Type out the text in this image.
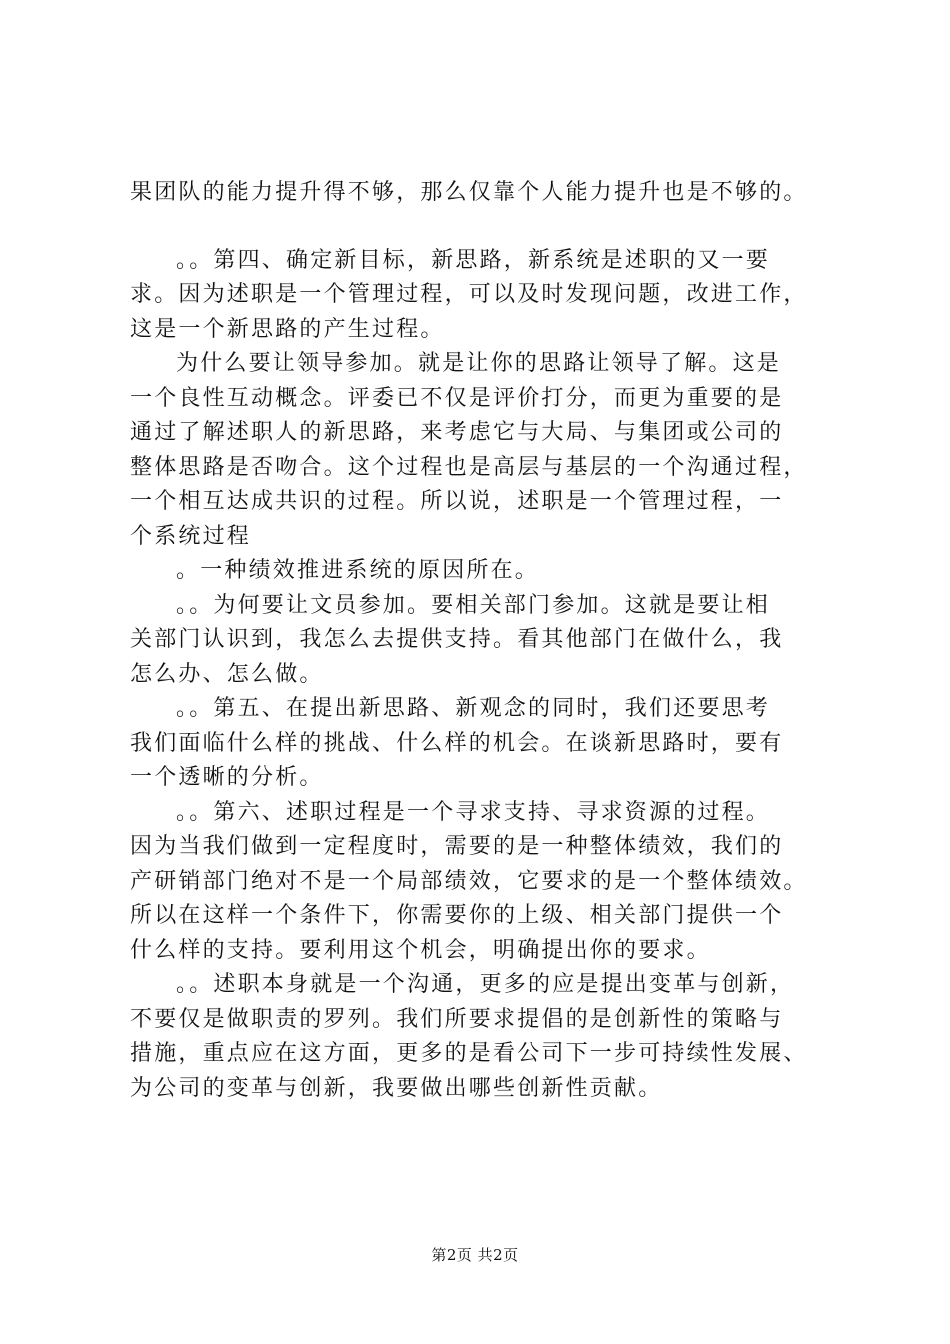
果团队的能力提升得不够，那么仅靠个人能力提升也是不够的。
。。第四、确定新目标，新思路，新系统是述职的又一要
求。因为述职是一个管理过程，可以及时发现问题，改进工作，
这是一个新思路的产生过程。
为什么要让领导参加。就是让你的思路让领导了解。这是
一个良性互动概念。评委已不仅是评价打分，而更为重要的是
通过了解述职人的新思路，来考虑它与大局、与集团或公司的
整体思路是否吻合。这个过程也是高层与基层的一个沟通过程，
一个相互达成共识的过程。所以说，述职是一个管理过程，一
个系统过程
。一种绩效推进系统的原因所在。
。。为何要让文员参加。要相关部门参加。这就是要让相
关部门认识到，我怎么去提供支持。看其他部门在做什么，我
怎么办、怎么做。
。。第五、在提出新思路、新观念的同时，我们还要思考
我们面临什么样的挑战、什么样的机会。在谈新思路时，要有
一个透晰的分析。
。。第六、述职过程是一个寻求支持、寻求资源的过程。
因为当我们做到一定程度时，需要的是一种整体绩效，我们的
产研销部门绝对不是一个局部绩效，它要求的是一个整体绩效。
所以在这样一个条件下，你需要你的上级、相关部门提供一个
什么样的支持。要利用这个机会，明确提出你的要求。
。。述职本身就是一个沟通，更多的应是提出变革与创新，
不要仅是做职责的罗列。我们所要求提倡的是创新性的策略与
措施，重点应在这方面，更多的是看公司下一步可持续性发展、
为公司的变革与创新，我要做出哪些创新性贡献。
第2页 共2页
